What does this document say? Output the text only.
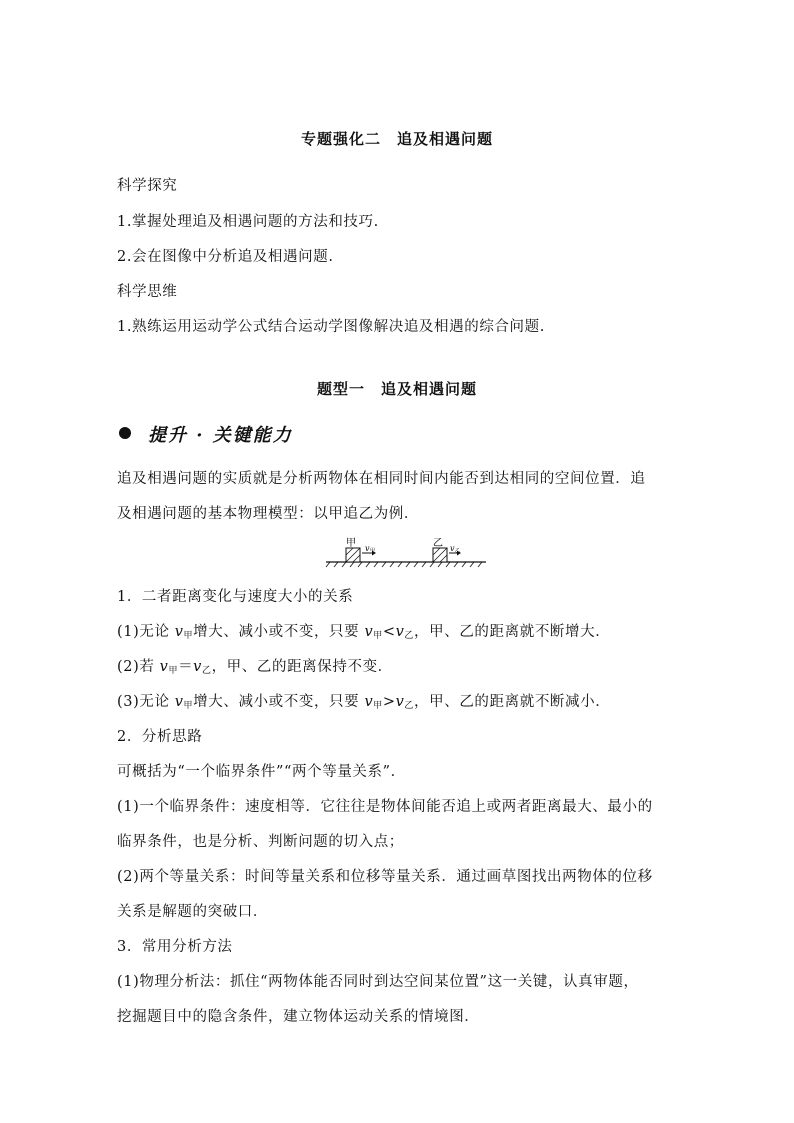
专题强化二　追及相遇问题
科学探究
1.掌握处理追及相遇问题的方法和技巧.
2.会在图像中分析追及相遇问题.
科学思维
1.熟练运用运动学公式结合运动学图像解决追及相遇的综合问题.
题型一　追及相遇问题
提升 · 关键能力
追及相遇问题的实质就是分析两物体在相同时间内能否到达相同的空间位置．追
及相遇问题的基本物理模型：以甲追乙为例．
甲 v 甲
乙 v 乙
1．二者距离变化与速度大小的关系
(1)无论 $v_甲$增大、减小或不变，只要 $v_甲<v_乙$，甲、乙的距离就不断增大．
(2)若 $v_甲=v_乙$，甲、乙的距离保持不变．
(3)无论 $v_甲$增大、减小或不变，只要 $v_甲>v_乙$，甲、乙的距离就不断减小．
2．分析思路
可概括为“一个临界条件”“两个等量关系”．
(1)一个临界条件：速度相等．它往往是物体间能否追上或两者距离最大、最小的
临界条件，也是分析、判断问题的切入点；
(2)两个等量关系：时间等量关系和位移等量关系．通过画草图找出两物体的位移
关系是解题的突破口．
3．常用分析方法
(1)物理分析法：抓住“两物体能否同时到达空间某位置”这一关键，认真审题，
挖掘题目中的隐含条件，建立物体运动关系的情境图．
